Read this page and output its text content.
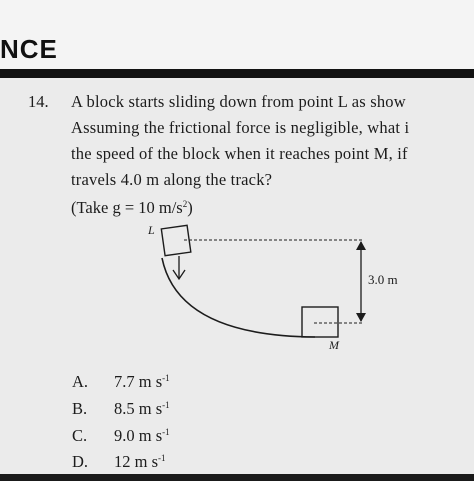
NCE
14. A block starts sliding down from point L as show
Assuming the frictional force is negligible, what i
the speed of the block when it reaches point M, if
travels 4.0 m along the track?
(Take g = 10 $m/s^2$)
L
M
3.0 m
A. 7.7 m $s^{-1}$
B. 8.5 m $s^{-1}$
C. 9.0 m $s^{-1}$
D. 12 m $s^{-1}$
